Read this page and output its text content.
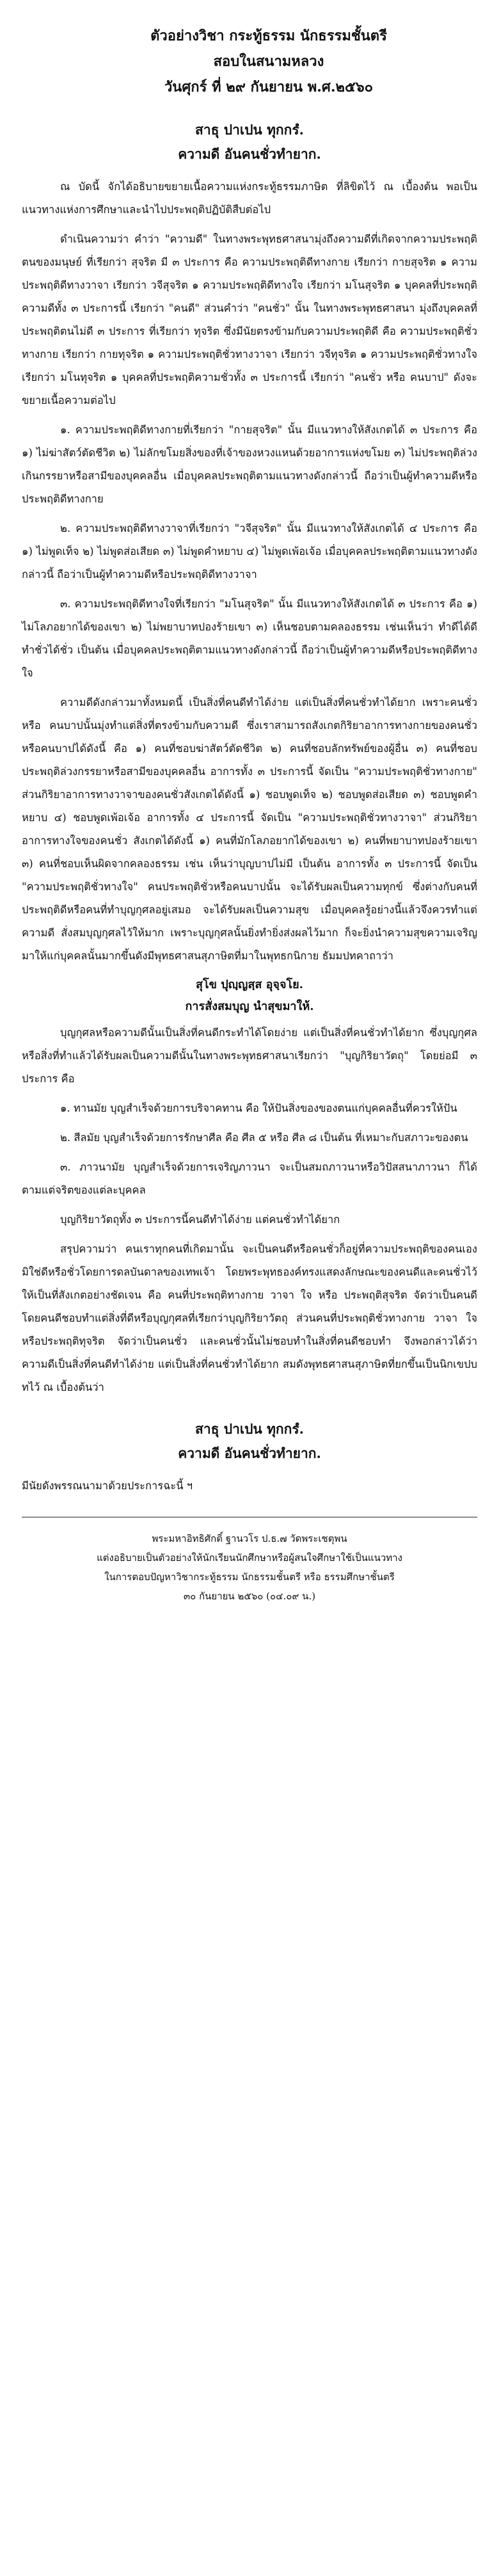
ตัวอย่างวิชา กระทู้ธรรม นักธรรมชั้นตรี
สอบในสนามหลวง
วันศุกร์ ที่ ๒๙ กันยายน พ.ศ.๒๕๖๐
สาธุ ปาเปน ทุกกรํ.
ความดี อันคนชั่วทำยาก.

ณ บัดนี้ จักได้อธิบายขยายเนื้อความแห่งกระทู้ธรรมภาษิต ที่ลิขิตไว้ ณ เบื้องต้น พอเป็นแนวทางแห่งการศึกษาและนำไปประพฤติปฏิบัติสืบต่อไป

ดำเนินความว่า คำว่า "ความดี" ในทางพระพุทธศาสนามุ่งถึงความดีที่เกิดจากความประพฤติตนของมนุษย์ ที่เรียกว่า สุจริต มี ๓ ประการ คือ ความประพฤติดีทางกาย เรียกว่า กายสุจริต ๑ ความประพฤติดีทางวาจา เรียกว่า วจีสุจริต ๑ ความประพฤติดีทางใจ เรียกว่า มโนสุจริต ๑ บุคคลที่ประพฤติความดีทั้ง ๓ ประการนี้ เรียกว่า "คนดี" ส่วนคำว่า "คนชั่ว" นั้น ในทางพระพุทธศาสนา มุ่งถึงบุคคลที่ประพฤติตนไม่ดี ๓ ประการ ที่เรียกว่า ทุจริต ซึ่งมีนัยตรงข้ามกับความประพฤติดี คือ ความประพฤติชั่วทางกาย เรียกว่า กายทุจริต ๑ ความประพฤติชั่วทางวาจา เรียกว่า วจีทุจริต ๑ ความประพฤติชั่วทางใจ เรียกว่า มโนทุจริต ๑ บุคคลที่ประพฤติความชั่วทั้ง ๓ ประการนี้ เรียกว่า "คนชั่ว หรือ คนบาป" ดังจะขยายเนื้อความต่อไป

๑. ความประพฤติดีทางกายที่เรียกว่า "กายสุจริต" นั้น มีแนวทางให้สังเกตได้ ๓ ประการ คือ ๑) ไม่ฆ่าสัตว์ตัดชีวิต ๒) ไม่ลักขโมยสิ่งของที่เจ้าของหวงแหนด้วยอาการแห่งขโมย ๓) ไม่ประพฤติล่วงเกินกรรยาหรือสามีของบุคคลอื่น เมื่อบุคคลประพฤติตามแนวทางดังกล่าวนี้ ถือว่าเป็นผู้ทำความดีหรือประพฤติดีทางกาย

๒. ความประพฤติดีทางวาจาที่เรียกว่า "วจีสุจริต" นั้น มีแนวทางให้สังเกตได้ ๔ ประการ คือ ๑) ไม่พูดเท็จ ๒) ไม่พูดส่อเสียด ๓) ไม่พูดคำหยาบ ๔) ไม่พูดเพ้อเจ้อ เมื่อบุคคลประพฤติตามแนวทางดังกล่าวนี้ ถือว่าเป็นผู้ทำความดีหรือประพฤติดีทางวาจา

๓. ความประพฤติดีทางใจที่เรียกว่า "มโนสุจริต" นั้น มีแนวทางให้สังเกตได้ ๓ ประการ คือ ๑) ไม่โลภอยากได้ของเขา ๒) ไม่พยาบาทปองร้ายเขา ๓) เห็นชอบตามคลองธรรม เช่นเห็นว่า ทำดีได้ดี ทำชั่วได้ชั่ว เป็นต้น เมื่อบุคคลประพฤติตามแนวทางดังกล่าวนี้ ถือว่าเป็นผู้ทำความดีหรือประพฤติดีทางใจ

ความดีดังกล่าวมาทั้งหมดนี้ เป็นสิ่งที่คนดีทำได้ง่าย แต่เป็นสิ่งที่คนชั่วทำได้ยาก เพราะคนชั่ว หรือ คนบาปนั้นมุ่งทำแต่สิ่งที่ตรงข้ามกับความดี ซึ่งเราสามารถสังเกตกิริยาอาการทางกายของคนชั่วหรือคนบาปได้ดังนี้ คือ ๑) คนที่ชอบฆ่าสัตว์ตัดชีวิต ๒) คนที่ชอบลักทรัพย์ของผู้อื่น ๓) คนที่ชอบประพฤติล่วงกรรยาหรือสามีของบุคคลอื่น อาการทั้ง ๓ ประการนี้ จัดเป็น "ความประพฤติชั่วทางกาย" ส่วนกิริยาอาการทางวาจาของคนชั่วสังเกตได้ดังนี้ ๑) ชอบพูดเท็จ ๒) ชอบพูดส่อเสียด ๓) ชอบพูดคำหยาบ ๔) ชอบพูดเพ้อเจ้อ อาการทั้ง ๔ ประการนี้ จัดเป็น "ความประพฤติชั่วทางวาจา" ส่วนกิริยาอาการทางใจของคนชั่ว สังเกตได้ดังนี้ ๑) คนที่มักโลภอยากได้ของเขา ๒) คนที่พยาบาทปองร้ายเขา ๓) คนที่ชอบเห็นผิดจากคลองธรรม เช่น เห็นว่าบุญบาปไม่มี เป็นต้น อาการทั้ง ๓ ประการนี้ จัดเป็น "ความประพฤติชั่วทางใจ" คนประพฤติชั่วหรือคนบาปนั้น จะได้รับผลเป็นความทุกข์ ซึ่งต่างกับคนที่ประพฤติดีหรือคนที่ทำบุญกุศลอยู่เสมอ จะได้รับผลเป็นความสุข เมื่อบุคคลรู้อย่างนี้แล้วจึงควรทำแต่ความดี สั่งสมบุญกุศลไว้ให้มาก เพราะบุญกุศลนั้นยิ่งทำยิ่งส่งผลไว้มาก ก็จะยิ่งนำความสุขความเจริญมาให้แก่บุคคลนั้นมากขึ้นดังมีพุทธศาสนสุภาษิตที่มาในพุทธกนิกาย ธัมมปทคาถาว่า

สุโข ปุญฺญสฺส อุจฺจโย.
การสั่งสมบุญ นำสุขมาให้.

บุญกุศลหรือความดีนั้นเป็นสิ่งที่คนดีกระทำได้โดยง่าย แต่เป็นสิ่งที่คนชั่วทำได้ยาก ซึ่งบุญกุศลหรือสิ่งที่ทำแล้วได้รับผลเป็นความดีนั้นในทางพระพุทธศาสนาเรียกว่า "บุญกิริยาวัตถุ" โดยย่อมี ๓ ประการ คือ

๑. ทานมัย บุญสำเร็จด้วยการบริจาคทาน คือ ให้ปันสิ่งของของตนแก่บุคคลอื่นที่ควรให้ปัน

๒. สีลมัย บุญสำเร็จด้วยการรักษาศีล คือ ศีล ๕ หรือ ศีล ๘ เป็นต้น ที่เหมาะกับสภาวะของตน

๓. ภาวนามัย บุญสำเร็จด้วยการเจริญภาวนา จะเป็นสมถภาวนาหรือวิปัสสนาภาวนา ก็ได้ ตามแต่จริตของแต่ละบุคคล

บุญกิริยาวัตถุทั้ง ๓ ประการนี้คนดีทำได้ง่าย แต่คนชั่วทำได้ยาก

สรุปความว่า คนเราทุกคนที่เกิดมานั้น จะเป็นคนดีหรือคนชั่วก็อยู่ที่ความประพฤติของคนเอง มิใช่ดีหรือชั่วโดยการดลบันดาลของเทพเจ้า โดยพระพุทธองค์ทรงแสดงลักษณะของคนดีและคนชั่วไว้ให้เป็นที่สังเกตอย่างชัดเจน คือ คนที่ประพฤติทางกาย วาจา ใจ หรือ ประพฤติสุจริต จัดว่าเป็นคนดี โดยคนดีชอบทำแต่สิ่งที่ดีหรือบุญกุศลที่เรียกว่าบุญกิริยาวัตถุ ส่วนคนที่ประพฤติชั่วทางกาย วาจา ใจ หรือประพฤติทุจริต จัดว่าเป็นคนชั่ว และคนชั่วนั้นไม่ชอบทำในสิ่งที่คนดีชอบทำ จึงพอกล่าวได้ว่า ความดีเป็นสิ่งที่คนดีทำได้ง่าย แต่เป็นสิ่งที่คนชั่วทำได้ยาก สมดังพุทธศาสนสุภาษิตที่ยกขึ้นเป็นนิกเขปบทไว้ ณ เบื้องต้นว่า

สาธุ ปาเปน ทุกกรํ.
ความดี อันคนชั่วทำยาก.

มีนัยดังพรรณนามาด้วยประการฉะนี้ ฯ

พระมหาอิทธิศักดิ์ ฐานวโร ป.ธ.๗ วัดพระเชตุพน
แต่งอธิบายเป็นตัวอย่างให้นักเรียนนักศึกษาหรือผู้สนใจศึกษาใช้เป็นแนวทาง
ในการตอบปัญหาวิชากระทู้ธรรม นักธรรมชั้นตรี หรือ ธรรมศึกษาชั้นตรี
๓๐ กันยายน ๒๕๖๐ (๐๔.๐๙ น.)
